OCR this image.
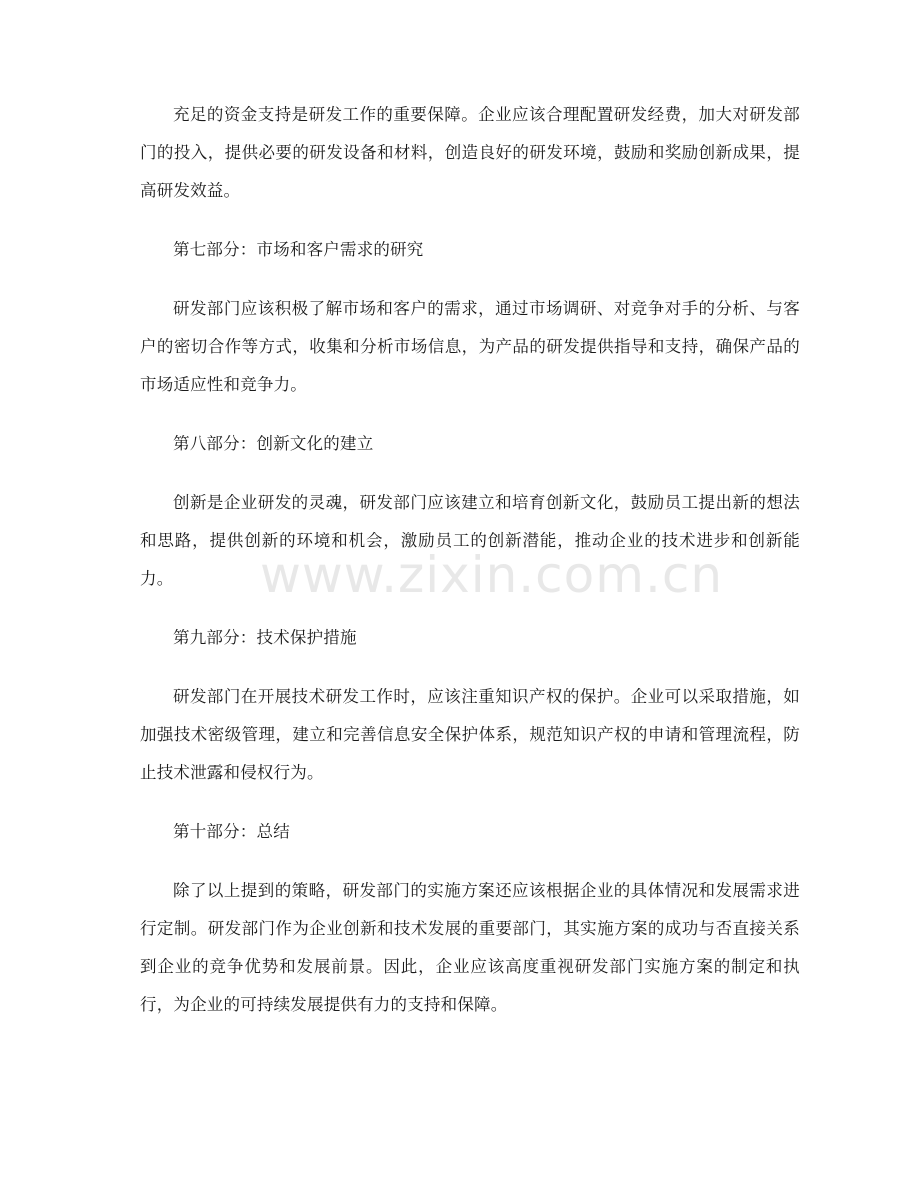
www.zixin.com.cn

充足的资金支持是研发工作的重要保障。企业应该合理配置研发经费，加大对研发部门的投入，提供必要的研发设备和材料，创造良好的研发环境，鼓励和奖励创新成果，提高研发效益。

第七部分：市场和客户需求的研究

研发部门应该积极了解市场和客户的需求，通过市场调研、对竞争对手的分析、与客户的密切合作等方式，收集和分析市场信息，为产品的研发提供指导和支持，确保产品的市场适应性和竞争力。

第八部分：创新文化的建立

创新是企业研发的灵魂，研发部门应该建立和培育创新文化，鼓励员工提出新的想法和思路，提供创新的环境和机会，激励员工的创新潜能，推动企业的技术进步和创新能力。

第九部分：技术保护措施

研发部门在开展技术研发工作时，应该注重知识产权的保护。企业可以采取措施，如加强技术密级管理，建立和完善信息安全保护体系，规范知识产权的申请和管理流程，防止技术泄露和侵权行为。

第十部分：总结

除了以上提到的策略，研发部门的实施方案还应该根据企业的具体情况和发展需求进行定制。研发部门作为企业创新和技术发展的重要部门，其实施方案的成功与否直接关系到企业的竞争优势和发展前景。因此，企业应该高度重视研发部门实施方案的制定和执行，为企业的可持续发展提供有力的支持和保障。
